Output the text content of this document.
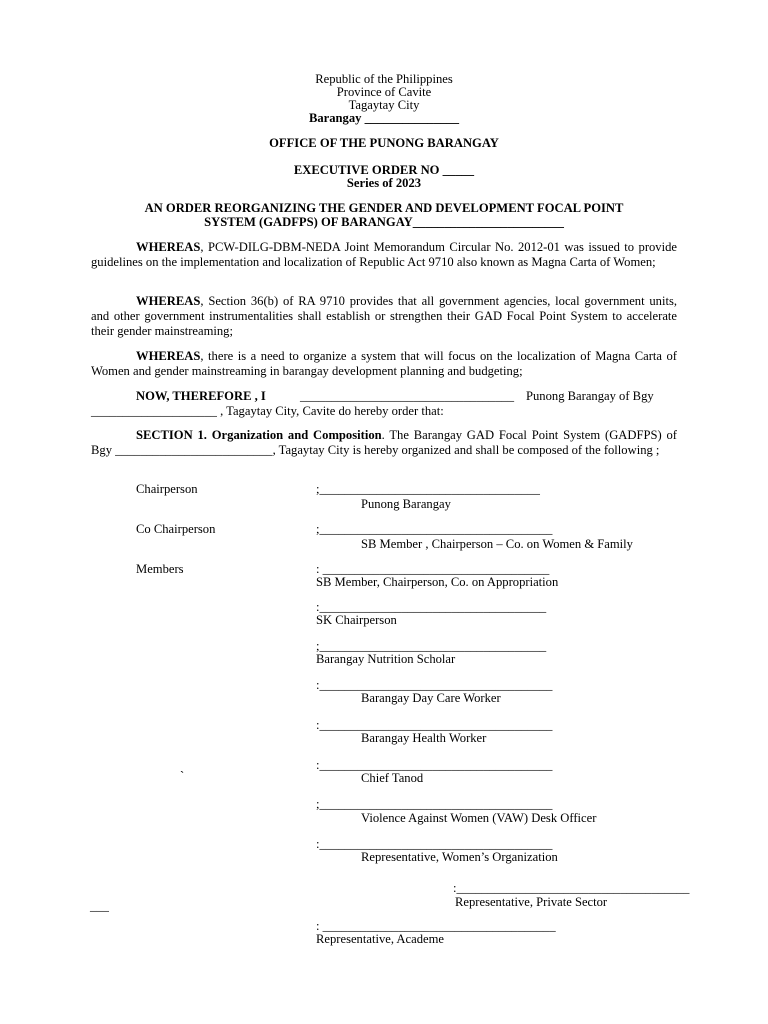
Republic of the Philippines
Province of Cavite
Tagaytay City
Barangay _______________
OFFICE OF THE PUNONG BARANGAY
EXECUTIVE ORDER NO _____
Series of 2023
AN ORDER REORGANIZING THE GENDER AND DEVELOPMENT FOCAL POINT
SYSTEM (GADFPS) OF BARANGAY________________________

WHEREAS, PCW-DILG-DBM-NEDA Joint Memorandum Circular No. 2012-01 was issued to provide guidelines on the implementation and localization of Republic Act 9710 also known as Magna Carta of Women;

WHEREAS, Section 36(b) of RA 9710 provides that all government agencies, local government units, and other government instrumentalities shall establish or strengthen their GAD Focal Point System to accelerate their gender mainstreaming;

WHEREAS, there is a need to organize a system that will focus on the localization of Magna Carta of Women and gender mainstreaming in barangay development planning and budgeting;

NOW, THEREFORE , I	__________________________________ Punong Barangay of Bgy
____________________ , Tagaytay City, Cavite do hereby order that:

SECTION 1. Organization and Composition. The Barangay GAD Focal Point System (GADFPS) of Bgy _________________________, Tagaytay City is hereby organized and shall be composed of the following ;

Chairperson	;___________________________________
Punong Barangay
Co Chairperson	;_____________________________________
SB Member , Chairperson – Co. on Women & Family
Members	: ____________________________________
SB Member, Chairperson, Co. on Appropriation
:____________________________________
SK Chairperson
;____________________________________
Barangay Nutrition Scholar
:_____________________________________
Barangay Day Care Worker
:_____________________________________
Barangay Health Worker
`
:_____________________________________
Chief Tanod
;_____________________________________
Violence Against Women (VAW) Desk Officer
:_____________________________________
Representative, Women’s Organization
:_____________________________________
Representative, Private Sector
___
: _____________________________________
Representative, Academe
